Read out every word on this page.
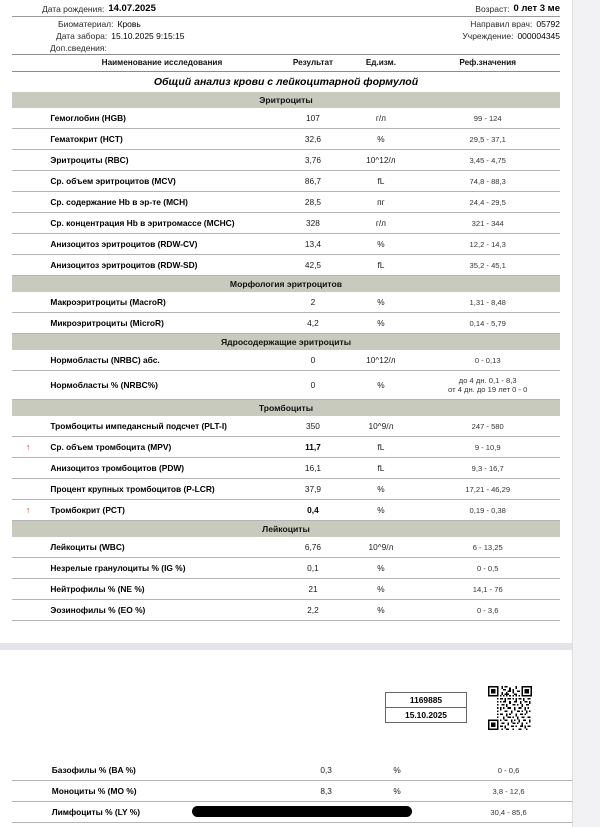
Дата рождения: 14.07.2025	Возраст: 0 лет 3 ме
Биоматериал: Кровь	Направил врач: 05792
Дата забора: 15.10.2025 9:15:15	Учреждение: 000004345
Доп.сведения:
	Наименование исследования	Результат	Ед.изм.	Реф.значения
Общий анализ крови с лейкоцитарной формулой				
Эритроциты				
	Гемоглобин (HGB)	107	г/л	99 - 124

	Гематокрит (HCT)	32,6	%	29,5 - 37,1

	Эритроциты (RBC)	3,76	10^12/л	3,45 - 4,75

	Ср. объем эритроцитов (MCV)	86,7	fL	74,8 - 88,3

	Ср. содержание Hb в эр-те (MCH)	28,5	пг	24,4 - 29,5

	Ср. концентрация Hb в эритромассе (MCHC)	328	г/л	321 - 344

	Анизоцитоз эритроцитов (RDW-CV)	13,4	%	12,2 - 14,3

	Анизоцитоз эритроцитов (RDW-SD)	42,5	fL	35,2 - 45,1

Морфология эритроцитов				
	Макроэритроциты (MacroR)	2	%	1,31 - 8,48

	Микроэритроциты (MicroR)	4,2	%	0,14 - 5,79

Ядросодержащие эритроциты				
	Нормобласты (NRBC) абс.	0	10^12/л	0 - 0,13

	Нормобласты % (NRBC%)	0	%	до 4 дн. 0,1 - 8,3
от 4 дн. до 19 лет 0 - 0

Тромбоциты				
	Тромбоциты импедансный подсчет (PLT-I)	350	10^9/л	247 - 580

↑	Ср. объем тромбоцита (MPV)	11,7	fL	9 - 10,9

	Анизоцитоз тромбоцитов (PDW)	16,1	fL	9,3 - 16,7

	Процент крупных тромбоцитов (P-LCR)	37,9	%	17,21 - 46,29

↑	Тромбокрит (PCT)	0,4	%	0,19 - 0,38

Лейкоциты				
	Лейкоциты (WBC)	6,76	10^9/л	6 - 13,25

	Незрелые гранулоциты % (IG %)	0,1	%	0 - 0,5

	Нейтрофилы % (NE %)	21	%	14,1 - 76

	Эозинофилы % (EO %)	2,2	%	0 - 3,6
1169885
15.10.2025
	Базофилы % (BA %)	0,3	%	0 - 0,6

	Моноциты % (MO %)	8,3	%	3,8 - 12,6

	Лимфоциты % (LY %)			30,4 - 85,6
